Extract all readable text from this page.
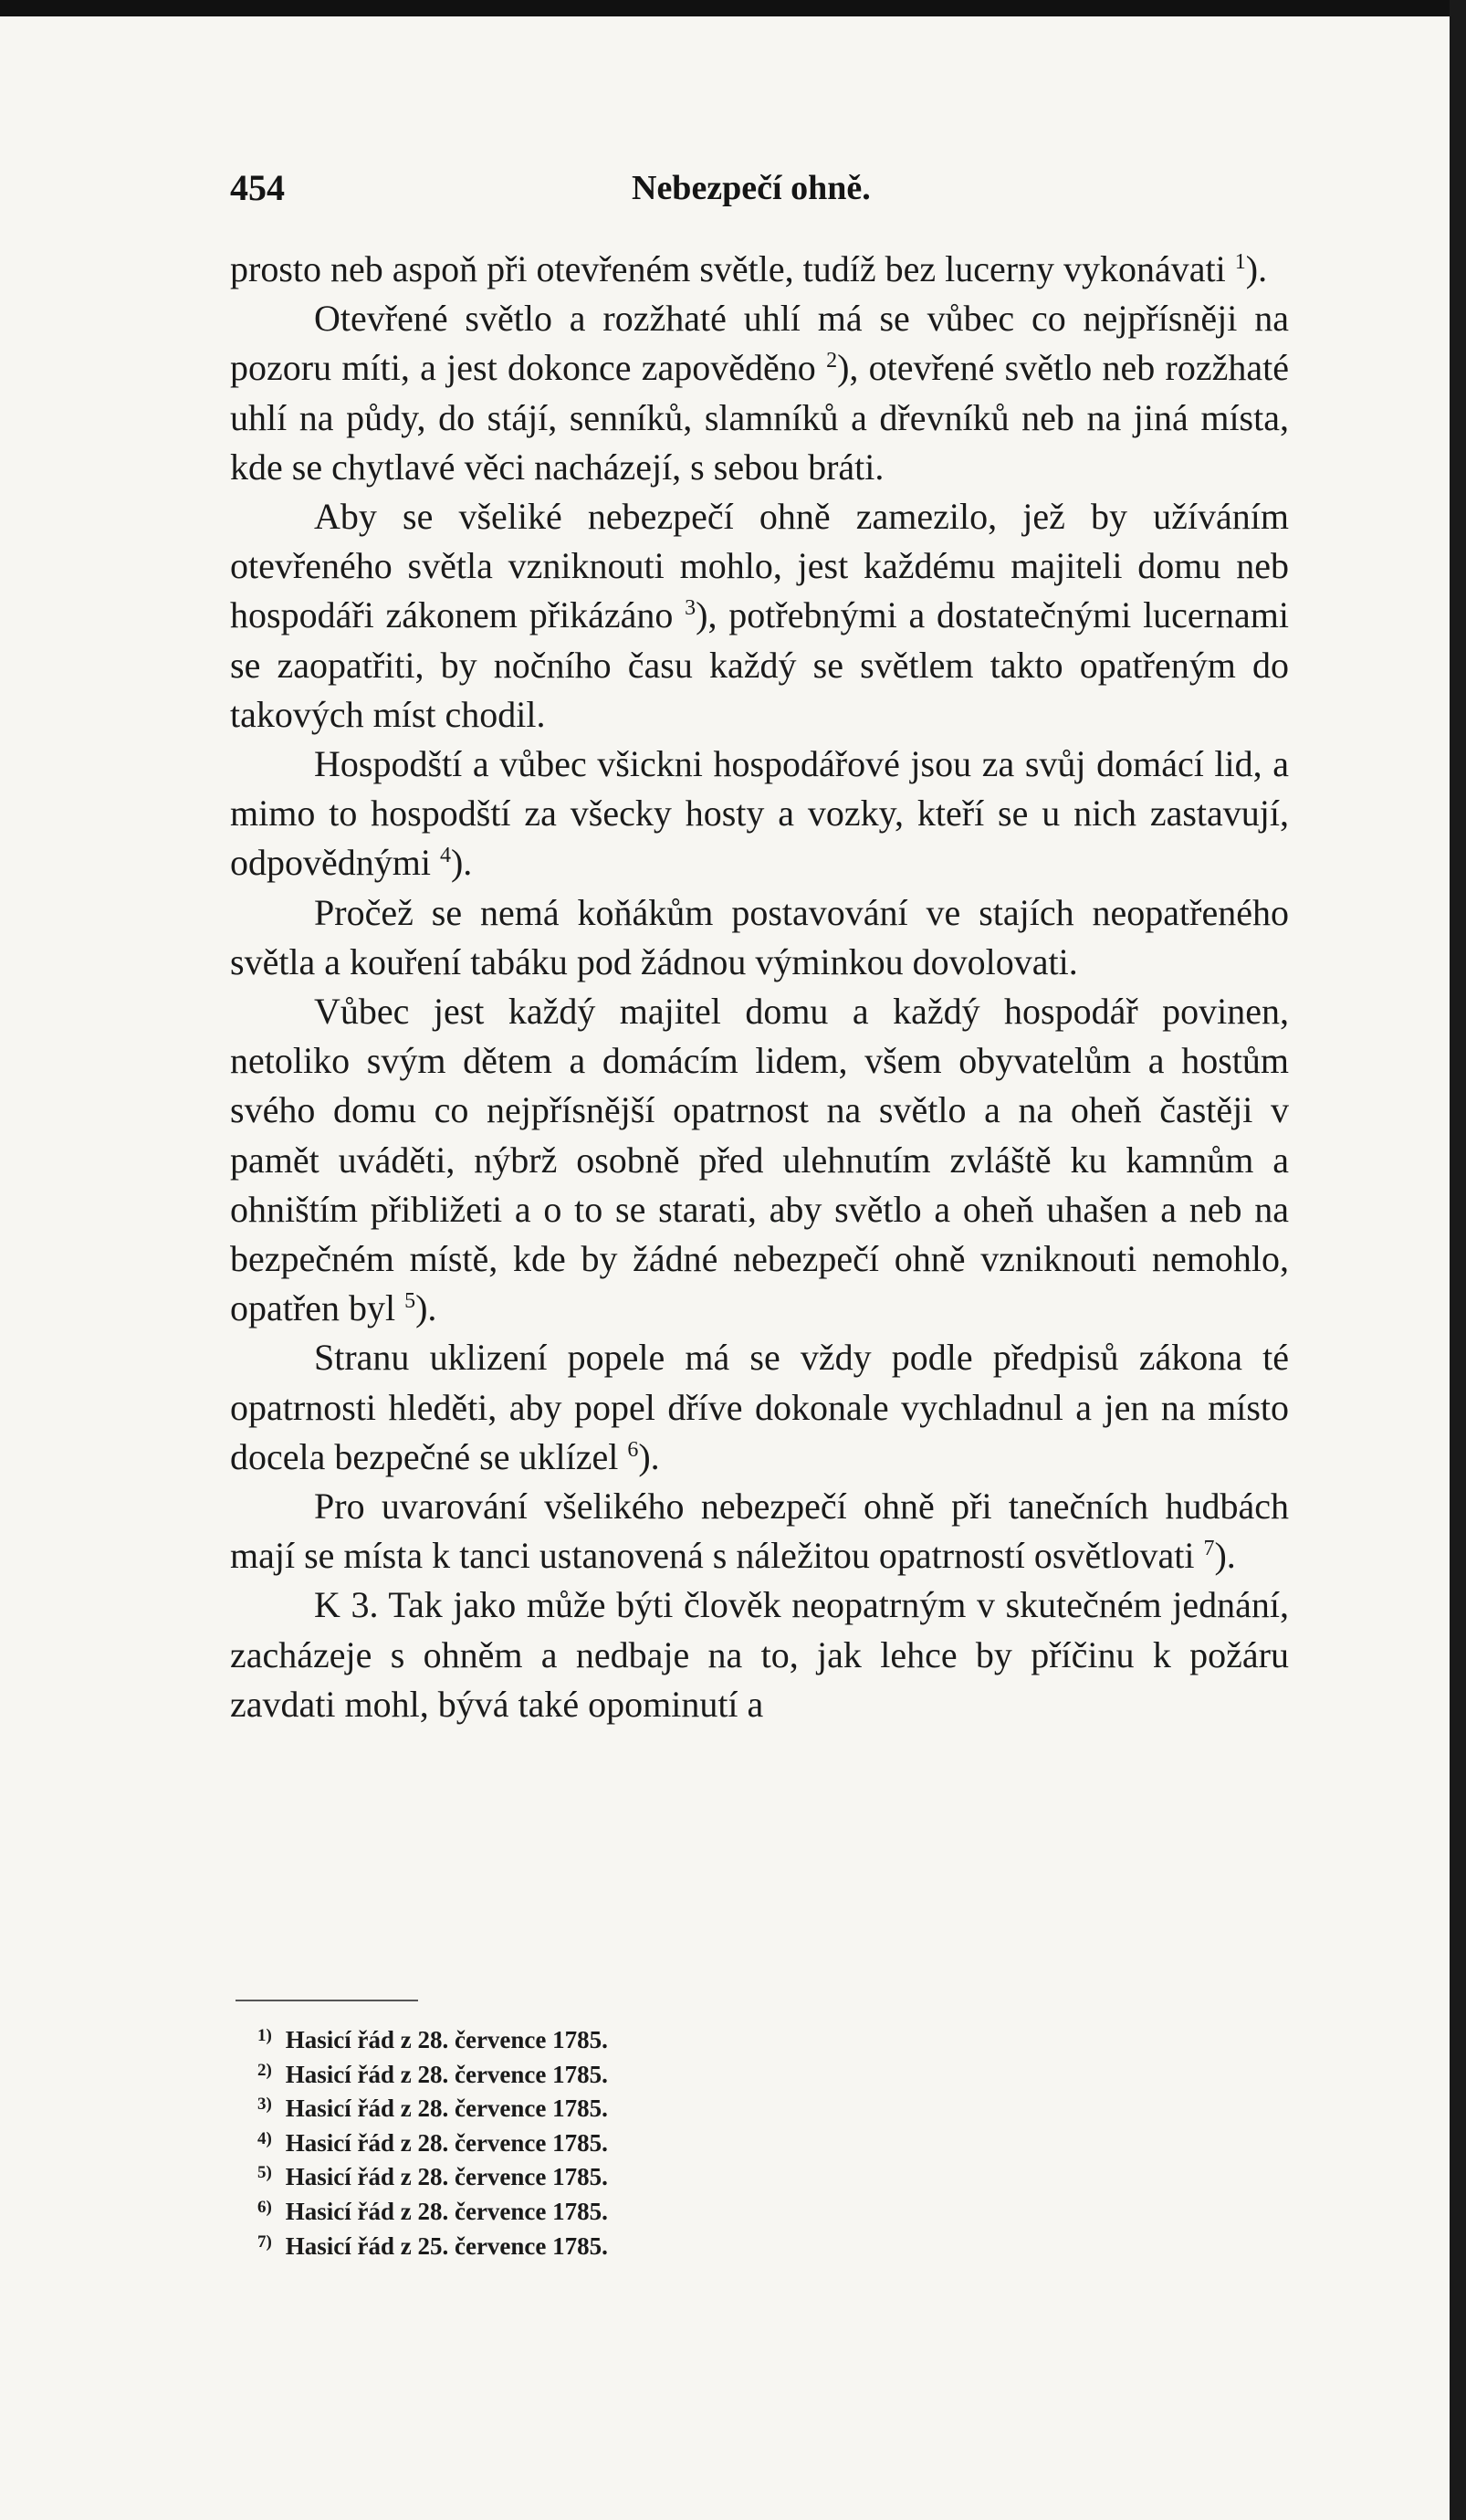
454	Nebezpečí ohně.

prosto neb aspoň při otevřeném světle, tudíž bez lucerny vykonávati $^1$).

Otevřené světlo a rozžhaté uhlí má se vůbec co nejpřísněji na pozoru míti, a jest dokonce zapověděno $^2$), otevřené světlo neb rozžhaté uhlí na půdy, do stájí, senníků, slamníků a dřevníků neb na jiná místa, kde se chytlavé věci nacházejí, s sebou bráti.

Aby se všeliké nebezpečí ohně zamezilo, jež by užíváním otevřeného světla vzniknouti mohlo, jest každému majiteli domu neb hospodáři zákonem přikázáno $^3$), potřebnými a dostatečnými lucernami se zaopatřiti, by nočního času každý se světlem takto opatřeným do takových míst chodil.

Hospodští a vůbec všickni hospodářové jsou za svůj domácí lid, a mimo to hospodští za všecky hosty a vozky, kteří se u nich zastavují, odpovědnými $^4$).

Pročež se nemá koňákům postavování ve stajích neopatřeného světla a kouření tabáku pod žádnou výminkou dovolovati.

Vůbec jest každý majitel domu a každý hospodář povinen, netoliko svým dětem a domácím lidem, všem obyvatelům a hostům svého domu co nejpřísnější opatrnost na světlo a na oheň častěji v pamět uváděti, nýbrž osobně před ulehnutím zvláště ku kamnům a ohništím přibližeti a o to se starati, aby světlo a oheň uhašen a neb na bezpečném místě, kde by žádné nebezpečí ohně vzniknouti nemohlo, opatřen byl $^5$).

Stranu uklizení popele má se vždy podle předpisů zákona té opatrnosti hleděti, aby popel dříve dokonale vychladnul a jen na místo docela bezpečné se uklízel $^6$).

Pro uvarování všelikého nebezpečí ohně při tanečních hudbách mají se místa k tanci ustanovená s náležitou opatrností osvětlovati $^7$).

K 3. Tak jako může býti člověk neopatrným v skutečném jednání, zacházeje s ohněm a nedbaje na to, jak lehce by příčinu k požáru zavdati mohl, bývá také opominutí a

1) Hasicí řád z 28. července 1785.
2) Hasicí řád z 28. července 1785.
3) Hasicí řád z 28. července 1785.
4) Hasicí řád z 28. července 1785.
5) Hasicí řád z 28. července 1785.
6) Hasicí řád z 28. července 1785.
7) Hasicí řád z 25. července 1785.
